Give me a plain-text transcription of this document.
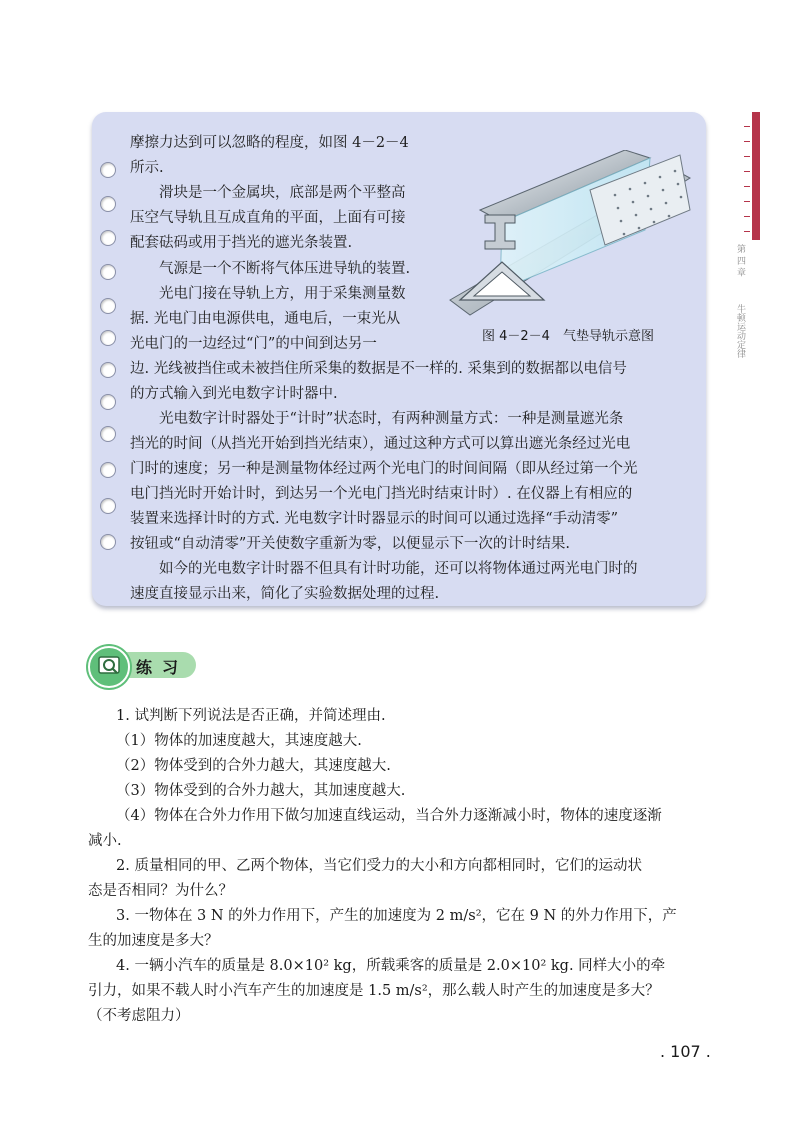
第 四 章
牛顿运动定律
摩擦力达到可以忽略的程度，如图 4－2－4
所示.
　　滑块是一个金属块，底部是两个平整高
压空气导轨且互成直角的平面，上面有可接
配套砝码或用于挡光的遮光条装置.
　　气源是一个不断将气体压进导轨的装置.
　　光电门接在导轨上方，用于采集测量数
据. 光电门由电源供电，通电后，一束光从
光电门的一边经过“门”的中间到达另一
边. 光线被挡住或未被挡住所采集的数据是不一样的. 采集到的数据都以电信号
的方式输入到光电数字计时器中.
　　光电数字计时器处于“计时”状态时，有两种测量方式：一种是测量遮光条
挡光的时间（从挡光开始到挡光结束），通过这种方式可以算出遮光条经过光电
门时的速度；另一种是测量物体经过两个光电门的时间间隔（即从经过第一个光
电门挡光时开始计时，到达另一个光电门挡光时结束计时）. 在仪器上有相应的
装置来选择计时的方式. 光电数字计时器显示的时间可以通过选择“手动清零”
按钮或“自动清零”开关使数字重新为零，以便显示下一次的计时结果.
　　如今的光电数字计时器不但具有计时功能，还可以将物体通过两光电门时的
速度直接显示出来，简化了实验数据处理的过程.
图 4－2－4　气垫导轨示意图
练习
1. 试判断下列说法是否正确，并简述理由.
（1）物体的加速度越大，其速度越大.
（2）物体受到的合外力越大，其速度越大.
（3）物体受到的合外力越大，其加速度越大.
（4）物体在合外力作用下做匀加速直线运动，当合外力逐渐减小时，物体的速度逐渐
减小.
2. 质量相同的甲、乙两个物体，当它们受力的大小和方向都相同时，它们的运动状
态是否相同？为什么？
3. 一物体在 3 N 的外力作用下，产生的加速度为 2 m/s²，它在 9 N 的外力作用下，产
生的加速度是多大？
4. 一辆小汽车的质量是 8.0×10² kg，所载乘客的质量是 2.0×10² kg. 同样大小的牵
引力，如果不载人时小汽车产生的加速度是 1.5 m/s²，那么载人时产生的加速度是多大？
（不考虑阻力）
. 107 .
